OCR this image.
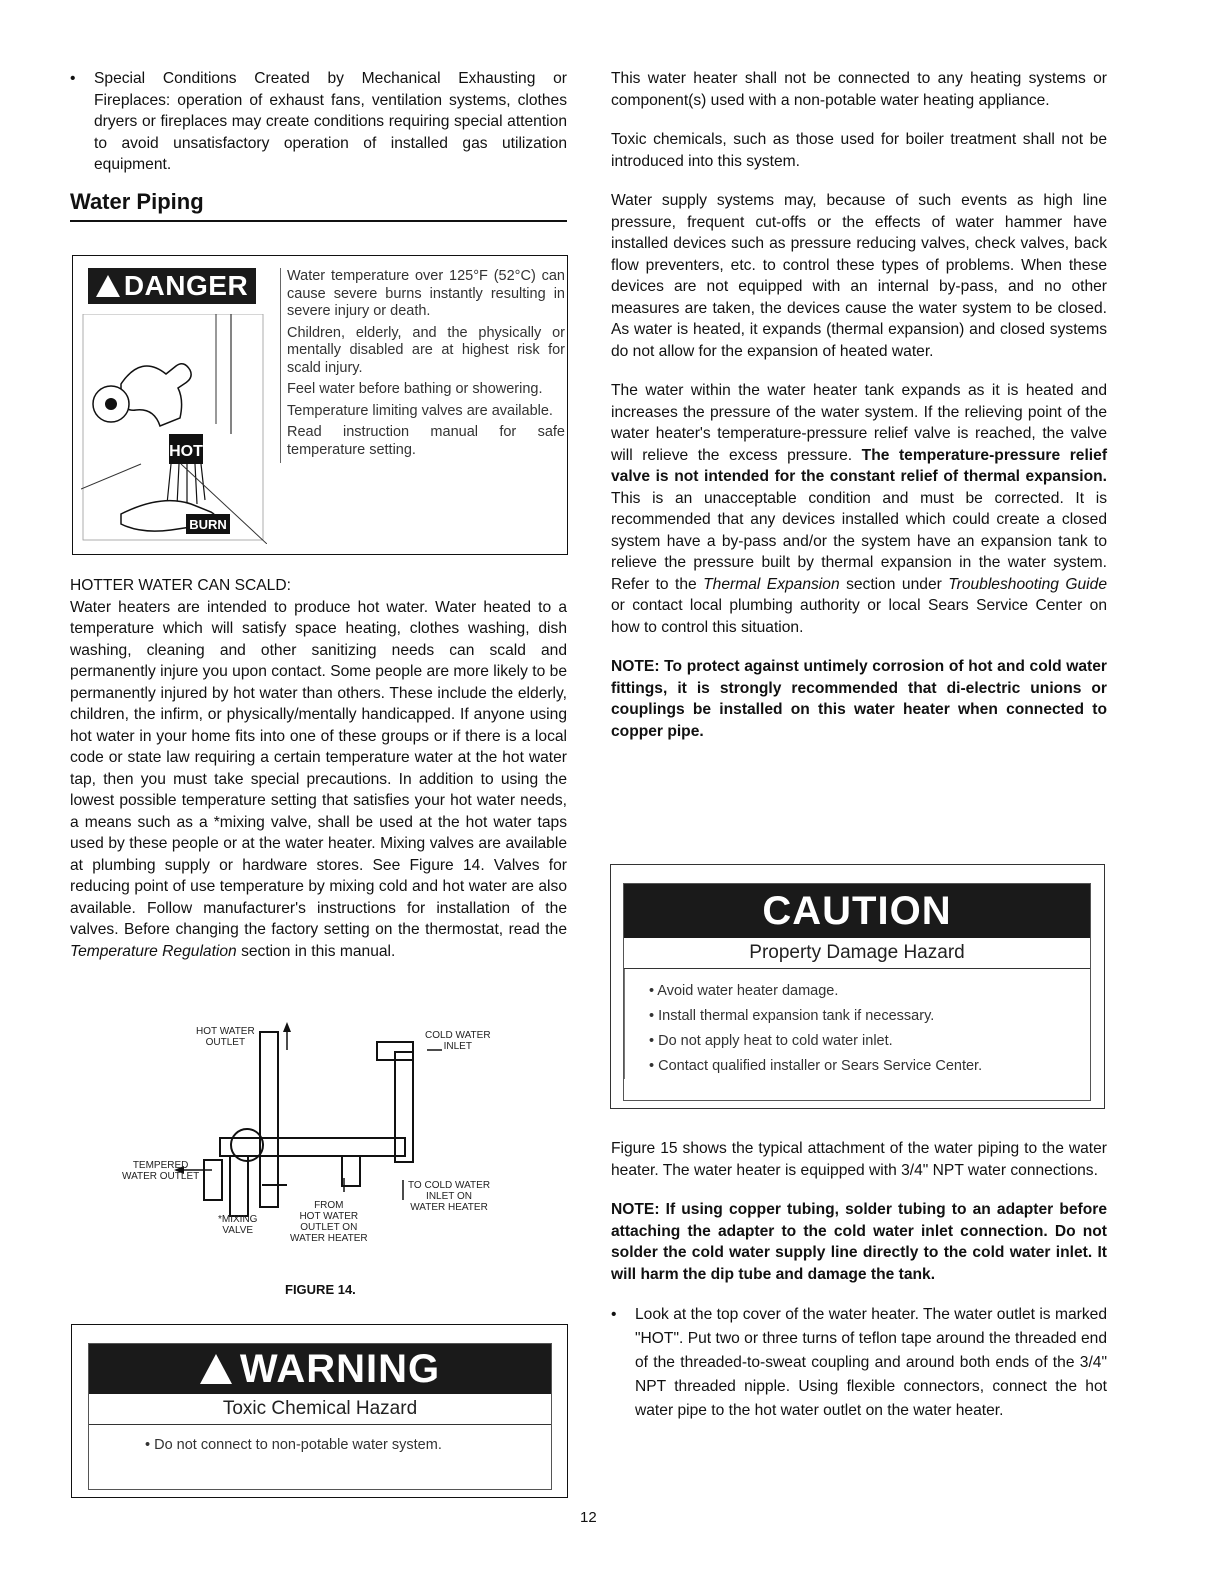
•	Special Conditions Created by Mechanical Exhausting or Fireplaces: operation of exhaust fans, ventilation systems, clothes dryers or fireplaces may create conditions requiring special attention to avoid unsatisfactory operation of installed gas utilization equipment.
Water Piping
DANGER
HOT
BURN

Water temperature over 125°F (52°C) can cause severe burns instantly resulting in severe injury or death.

Children, elderly, and the physically or mentally disabled are at highest risk for scald injury.

Feel water before bathing or showering.

Temperature limiting valves are available.

Read instruction manual for safe temperature setting.

HOTTER WATER CAN SCALD:

Water heaters are intended to produce hot water. Water heated to a temperature which will satisfy space heating, clothes washing, dish washing, cleaning and other sanitizing needs can scald and permanently injure you upon contact. Some people are more likely to be permanently injured by hot water than others. These include the elderly, children, the infirm, or physically/mentally handicapped. If anyone using hot water in your home fits into one of these groups or if there is a local code or state law requiring a certain temperature water at the hot water tap, then you must take special precautions. In addition to using the lowest possible temperature setting that satisfies your hot water needs, a means such as a *mixing valve, shall be used at the hot water taps used by these people or at the water heater. Mixing valves are available at plumbing supply or hardware stores. See Figure 14. Valves for reducing point of use temperature by mixing cold and hot water are also available. Follow manufacturer's instructions for installation of the valves. Before changing the factory setting on the thermostat, read the Temperature Regulation section in this manual.

HOT WATER
OUTLET
COLD WATER
INLET
TEMPERED
WATER OUTLET
TO COLD WATER
INLET ON
WATER HEATER
FROM
HOT WATER
OUTLET ON
WATER HEATER
*MIXING
VALVE
FIGURE 14.
WARNING
Toxic Chemical Hazard
• Do not connect to non-potable water system.

This water heater shall not be connected to any heating systems or component(s) used with a non-potable water heating appliance.

Toxic chemicals, such as those used for boiler treatment shall not be introduced into this system.

Water supply systems may, because of such events as high line pressure, frequent cut-offs or the effects of water hammer have installed devices such as pressure reducing valves, check valves, back flow preventers, etc. to control these types of problems. When these devices are not equipped with an internal by-pass, and no other measures are taken, the devices cause the water system to be closed. As water is heated, it expands (thermal expansion) and closed systems do not allow for the expansion of heated water.

The water within the water heater tank expands as it is heated and increases the pressure of the water system. If the relieving point of the water heater's temperature-pressure relief valve is reached, the valve will relieve the excess pressure. The temperature-pressure relief valve is not intended for the constant relief of thermal expansion. This is an unacceptable condition and must be corrected. It is recommended that any devices installed which could create a closed system have a by-pass and/or the system have an expansion tank to relieve the pressure built by thermal expansion in the water system. Refer to the Thermal Expansion section under Troubleshooting Guide or contact local plumbing authority or local Sears Service Center on how to control this situation.

NOTE: To protect against untimely corrosion of hot and cold water fittings, it is strongly recommended that di-electric unions or couplings be installed on this water heater when connected to copper pipe.

CAUTION
Property Damage Hazard
• Avoid water heater damage.
• Install thermal expansion tank if necessary.
• Do not apply heat to cold water inlet.
• Contact qualified installer or Sears Service Center.

Figure 15 shows the typical attachment of the water piping to the water heater. The water heater is equipped with 3/4" NPT water connections.

NOTE: If using copper tubing, solder tubing to an adapter before attaching the adapter to the cold water inlet connection. Do not solder the cold water supply line directly to the cold water inlet. It will harm the dip tube and damage the tank.

•	Look at the top cover of the water heater. The water outlet is marked "HOT". Put two or three turns of teflon tape around the threaded end of the threaded-to-sweat coupling and around both ends of the 3/4" NPT threaded nipple. Using flexible connectors, connect the hot water pipe to the hot water outlet on the water heater.
12
